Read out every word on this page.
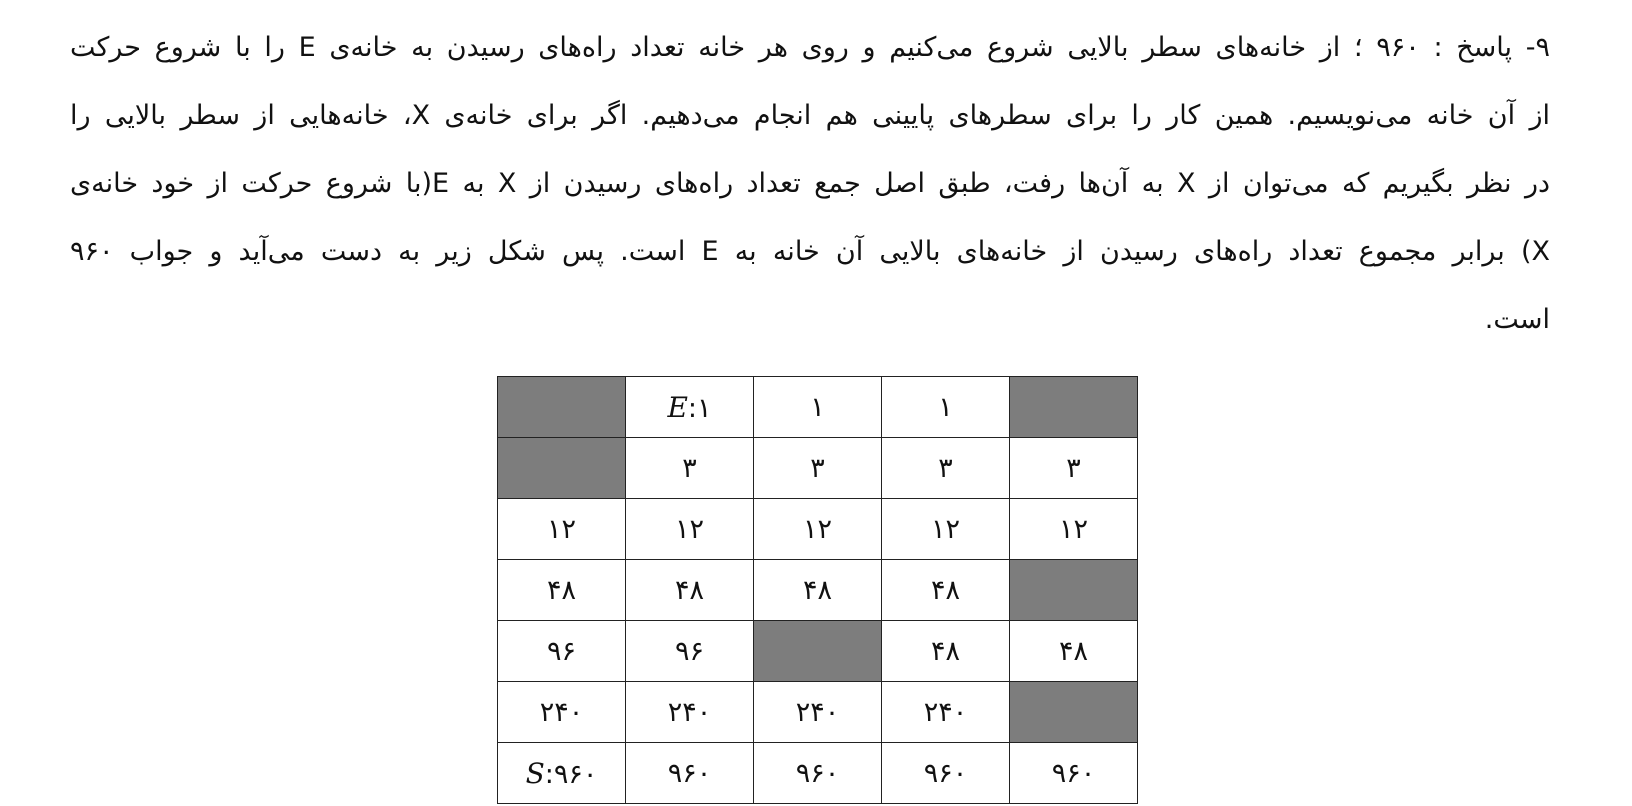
۹- پاسخ : ۹۶۰ ؛ از خانه‌های سطر بالایی شروع می‌کنیم و روی هر خانه تعداد راه‌های رسیدن به خانه‌ی E را با شروع حرکت
از آن خانه می‌نویسیم. همین کار را برای سطرهای پایینی هم انجام می‌دهیم. اگر برای خانه‌ی X، خانه‌هایی از سطر بالایی را
در نظر بگیریم که می‌توان از X به آن‌ها رفت، طبق اصل جمع تعداد راه‌های رسیدن از X به E(با شروع حرکت از خود خانه‌ی
X) برابر مجموع تعداد راه‌های رسیدن از خانه‌های بالایی آن خانه به E است. پس شکل زیر به دست می‌آید و جواب ۹۶۰
است.

	۱	۱	E:۱	
۳	۳	۳	۳	
۱۲	۱۲	۱۲	۱۲	۱۲
	۴۸	۴۸	۴۸	۴۸
۴۸	۴۸		۹۶	۹۶
	۲۴۰	۲۴۰	۲۴۰	۲۴۰
۹۶۰	۹۶۰	۹۶۰	۹۶۰	S:۹۶۰
